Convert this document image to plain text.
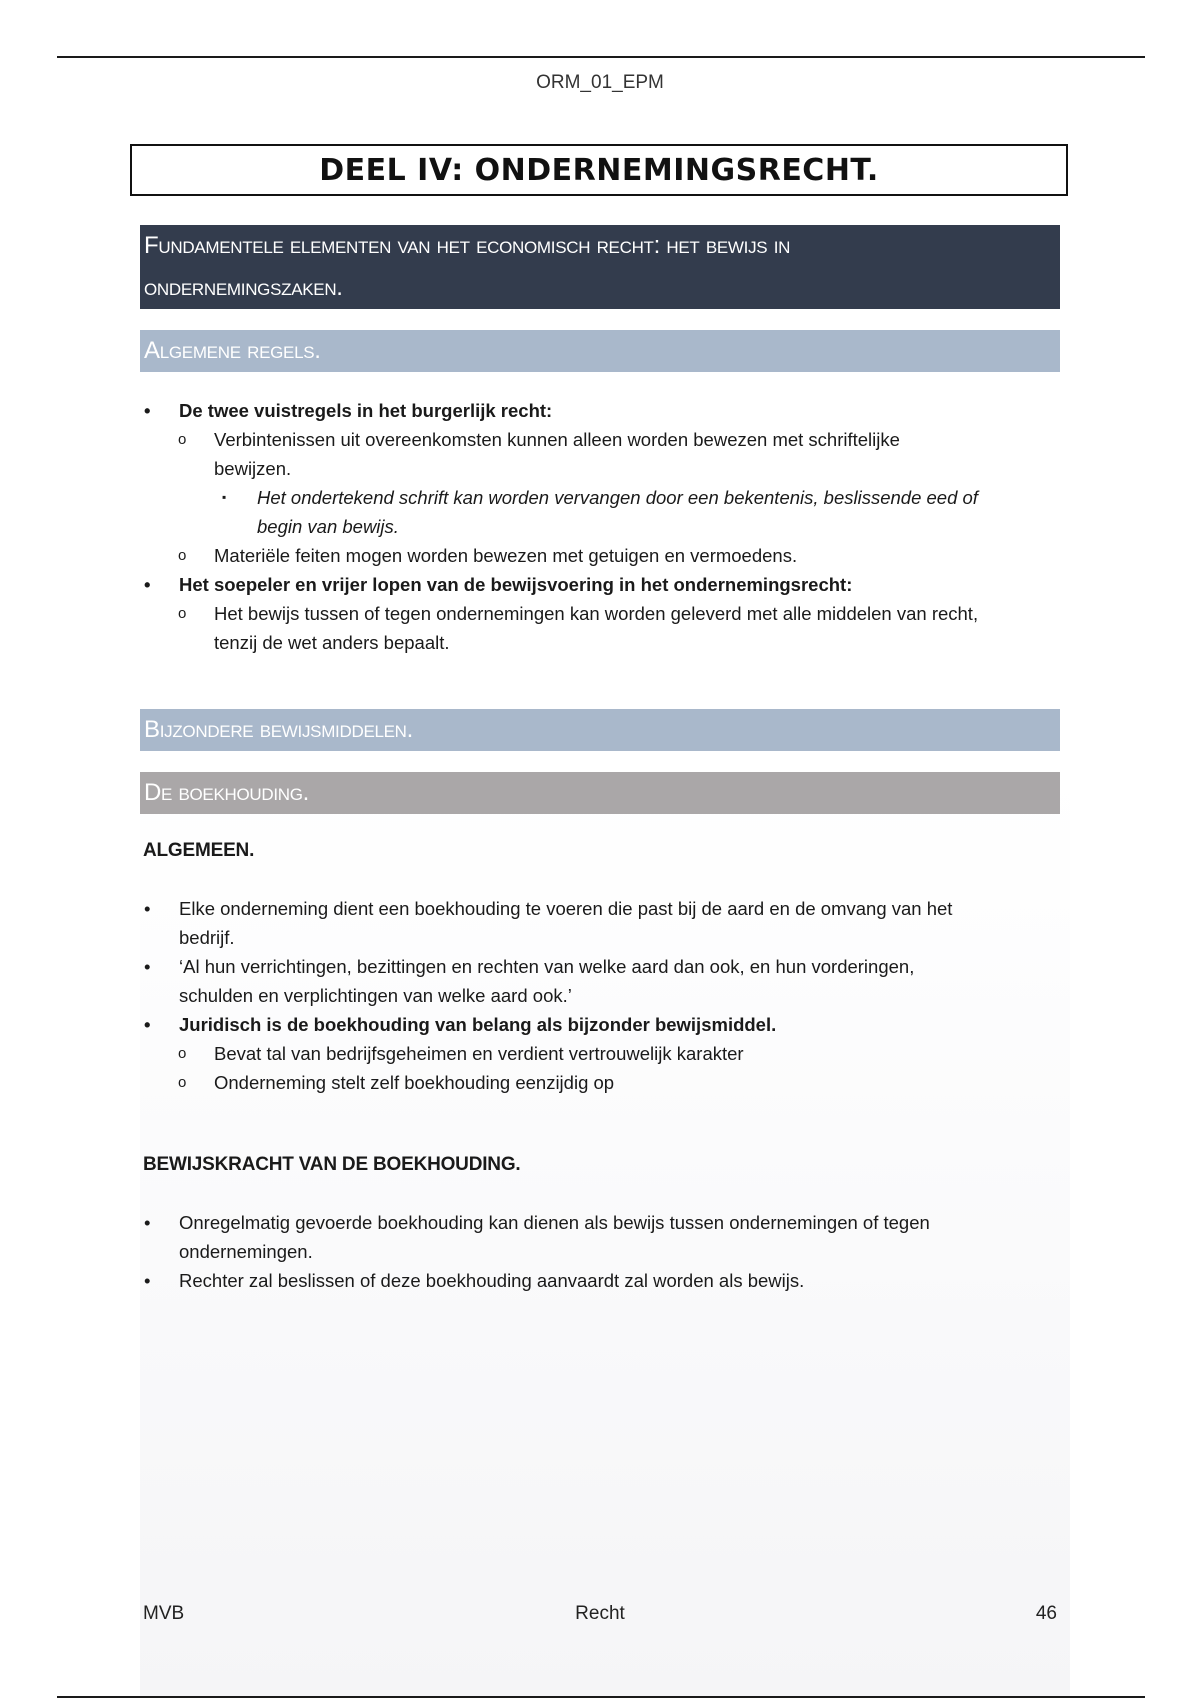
ORM_01_EPM
DEEL IV: ONDERNEMINGSRECHT.
Fundamentele elementen van het economisch recht: het bewijs in
ondernemingszaken.
Algemene regels.
• De twee vuistregels in het burgerlijk recht:
o Verbintenissen uit overeenkomsten kunnen alleen worden bewezen met schriftelijke
bewijzen.
▪ Het ondertekend schrift kan worden vervangen door een bekentenis, beslissende eed of
begin van bewijs.
o Materiële feiten mogen worden bewezen met getuigen en vermoedens.
• Het soepeler en vrijer lopen van de bewijsvoering in het ondernemingsrecht:
o Het bewijs tussen of tegen ondernemingen kan worden geleverd met alle middelen van recht,
tenzij de wet anders bepaalt.
Bijzondere bewijsmiddelen.
De boekhouding.
ALGEMEEN.
• Elke onderneming dient een boekhouding te voeren die past bij de aard en de omvang van het
bedrijf.
• ‘Al hun verrichtingen, bezittingen en rechten van welke aard dan ook, en hun vorderingen,
schulden en verplichtingen van welke aard ook.’
• Juridisch is de boekhouding van belang als bijzonder bewijsmiddel.
o Bevat tal van bedrijfsgeheimen en verdient vertrouwelijk karakter
o Onderneming stelt zelf boekhouding eenzijdig op
BEWIJSKRACHT VAN DE BOEKHOUDING.
• Onregelmatig gevoerde boekhouding kan dienen als bewijs tussen ondernemingen of tegen
ondernemingen.
• Rechter zal beslissen of deze boekhouding aanvaardt zal worden als bewijs.
MVB	Recht	46
